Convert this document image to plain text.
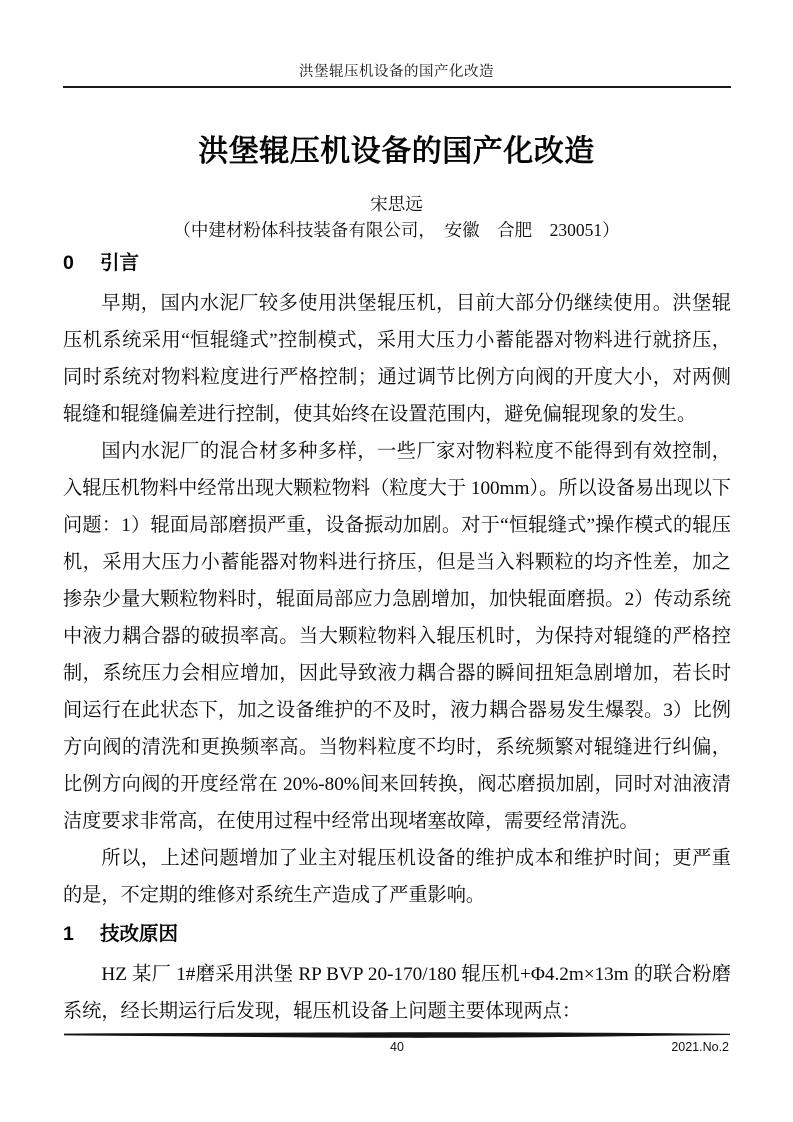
洪堡辊压机设备的国产化改造
洪堡辊压机设备的国产化改造
宋思远
（中建材粉体科技装备有限公司，　安徽　合肥　230051）
0 引言

早期，国内水泥厂较多使用洪堡辊压机，目前大部分仍继续使用。洪堡辊压机系统采用“恒辊缝式”控制模式，采用大压力小蓄能器对物料进行就挤压，同时系统对物料粒度进行严格控制；通过调节比例方向阀的开度大小，对两侧辊缝和辊缝偏差进行控制，使其始终在设置范围内，避免偏辊现象的发生。

国内水泥厂的混合材多种多样，一些厂家对物料粒度不能得到有效控制，入辊压机物料中经常出现大颗粒物料（粒度大于 100mm）。所以设备易出现以下问题：1）辊面局部磨损严重，设备振动加剧。对于“恒辊缝式”操作模式的辊压机，采用大压力小蓄能器对物料进行挤压，但是当入料颗粒的均齐性差，加之掺杂少量大颗粒物料时，辊面局部应力急剧增加，加快辊面磨损。2）传动系统中液力耦合器的破损率高。当大颗粒物料入辊压机时，为保持对辊缝的严格控制，系统压力会相应增加，因此导致液力耦合器的瞬间扭矩急剧增加，若长时间运行在此状态下，加之设备维护的不及时，液力耦合器易发生爆裂。3）比例方向阀的清洗和更换频率高。当物料粒度不均时，系统频繁对辊缝进行纠偏，比例方向阀的开度经常在 20%-80%间来回转换，阀芯磨损加剧，同时对油液清洁度要求非常高，在使用过程中经常出现堵塞故障，需要经常清洗。

所以，上述问题增加了业主对辊压机设备的维护成本和维护时间；更严重的是，不定期的维修对系统生产造成了严重影响。

1 技改原因

HZ 某厂 1#磨采用洪堡 RP BVP 20-170/180 辊压机+Φ4.2m×13m 的联合粉磨系统，经长期运行后发现，辊压机设备上问题主要体现两点：

40	2021.No.2
